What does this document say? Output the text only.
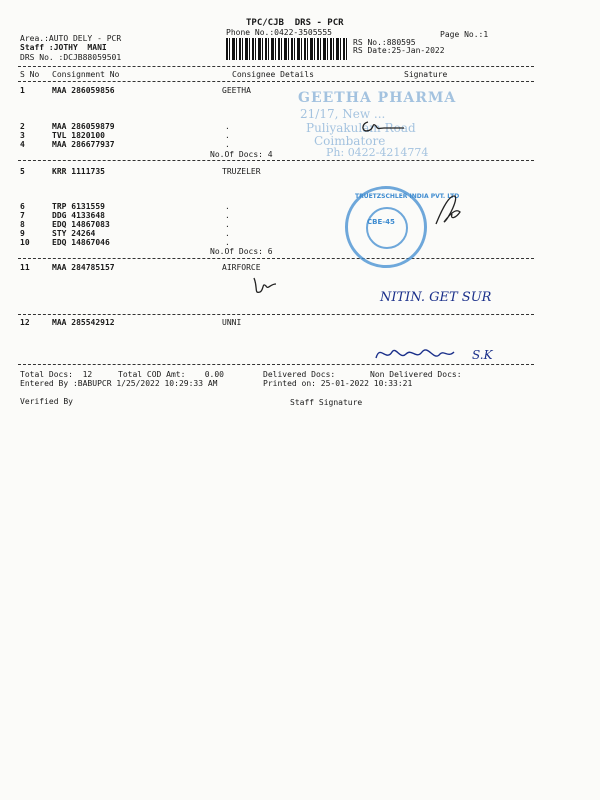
TPC/CJB  DRS - PCR
Phone No.:0422-3505555	Page No.:1
Area.:AUTO DELY - PCR
Staff :JOTHY  MANI
RS No.:880595
DRS No. :DCJB88059501
RS Date:25-Jan-2022
S No Consignment No	Consignee Details	Signature
1	MAA 286059856	GEETHA
2	MAA 286059879	.
3	TVL 1820100	.
4	MAA 286677937	.
No.Of Docs: 4
5	KRR 1111735	TRUZELER
6	TRP 6131559	.
7	DDG 4133648	.
8	EDQ 14867083	.
9	STY 24264	.
10	EDQ 14867046	.
No.Of Docs: 6
11	MAA 284785157	AIRFORCE
12	MAA 285542912	UNNI
GEETHA PHARMA
21/17, New ...
Puliyakulam Road
Coimbatore
Ph: 0422-4214774
TRUETZSCHLER INDIA PVT. LTD
CBE-45
NITIN. GET SUR
S.K
Total Docs:  12	Total COD Amt:    0.00	Delivered Docs:	Non Delivered Docs:
Entered By :BABUPCR 1/25/2022 10:29:33 AM	Printed on: 25-01-2022 10:33:21
Verified By	Staff Signature
